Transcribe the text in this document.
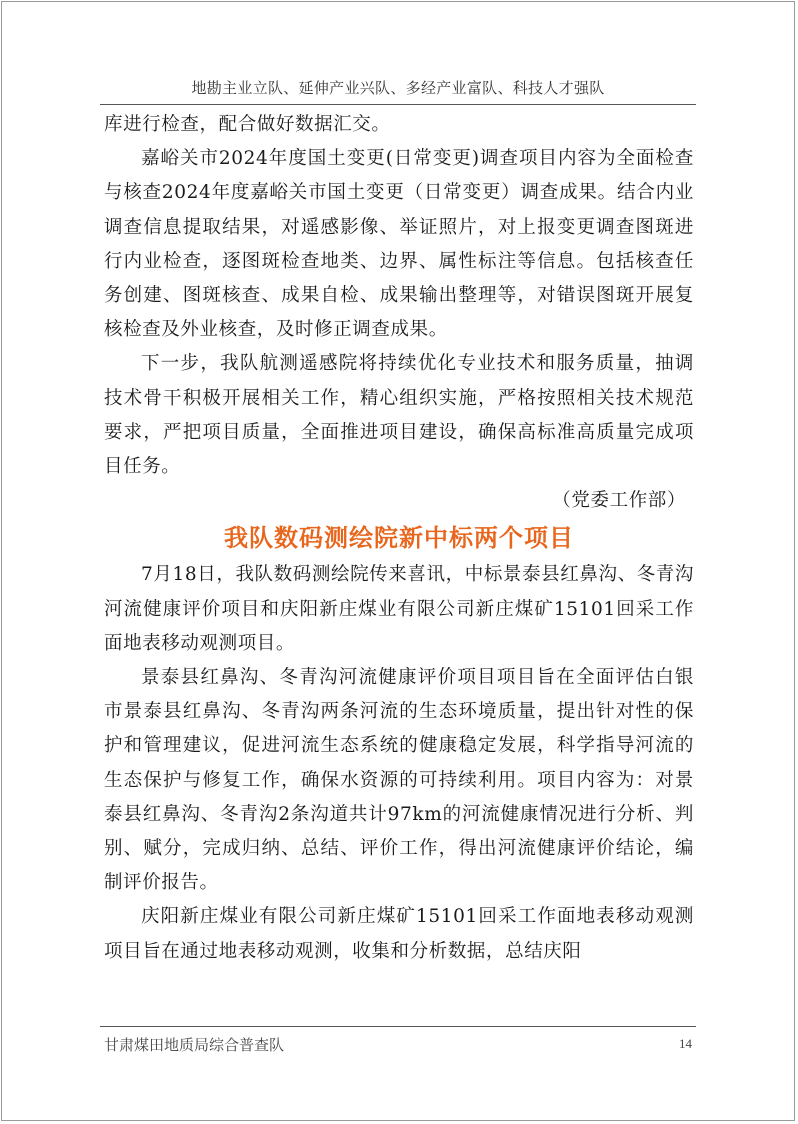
地勘主业立队、延伸产业兴队、多经产业富队、科技人才强队

库进行检查，配合做好数据汇交。

嘉峪关市2024年度国土变更(日常变更)调查项目内容为全面检查与核查2024年度嘉峪关市国土变更（日常变更）调查成果。结合内业调查信息提取结果，对遥感影像、举证照片，对上报变更调查图斑进行内业检查，逐图斑检查地类、边界、属性标注等信息。包括核查任务创建、图斑核查、成果自检、成果输出整理等，对错误图斑开展复核检查及外业核查，及时修正调查成果。

下一步，我队航测遥感院将持续优化专业技术和服务质量，抽调技术骨干积极开展相关工作，精心组织实施，严格按照相关技术规范要求，严把项目质量，全面推进项目建设，确保高标准高质量完成项目任务。

（党委工作部）

我队数码测绘院新中标两个项目

7月18日，我队数码测绘院传来喜讯，中标景泰县红鼻沟、冬青沟河流健康评价项目和庆阳新庄煤业有限公司新庄煤矿15101回采工作面地表移动观测项目。

景泰县红鼻沟、冬青沟河流健康评价项目项目旨在全面评估白银市景泰县红鼻沟、冬青沟两条河流的生态环境质量，提出针对性的保护和管理建议，促进河流生态系统的健康稳定发展，科学指导河流的生态保护与修复工作，确保水资源的可持续利用。项目内容为：对景泰县红鼻沟、冬青沟2条沟道共计97km的河流健康情况进行分析、判别、赋分，完成归纳、总结、评价工作，得出河流健康评价结论，编制评价报告。

庆阳新庄煤业有限公司新庄煤矿15101回采工作面地表移动观测项目旨在通过地表移动观测，收集和分析数据，总结庆阳

甘肃煤田地质局综合普查队	14
